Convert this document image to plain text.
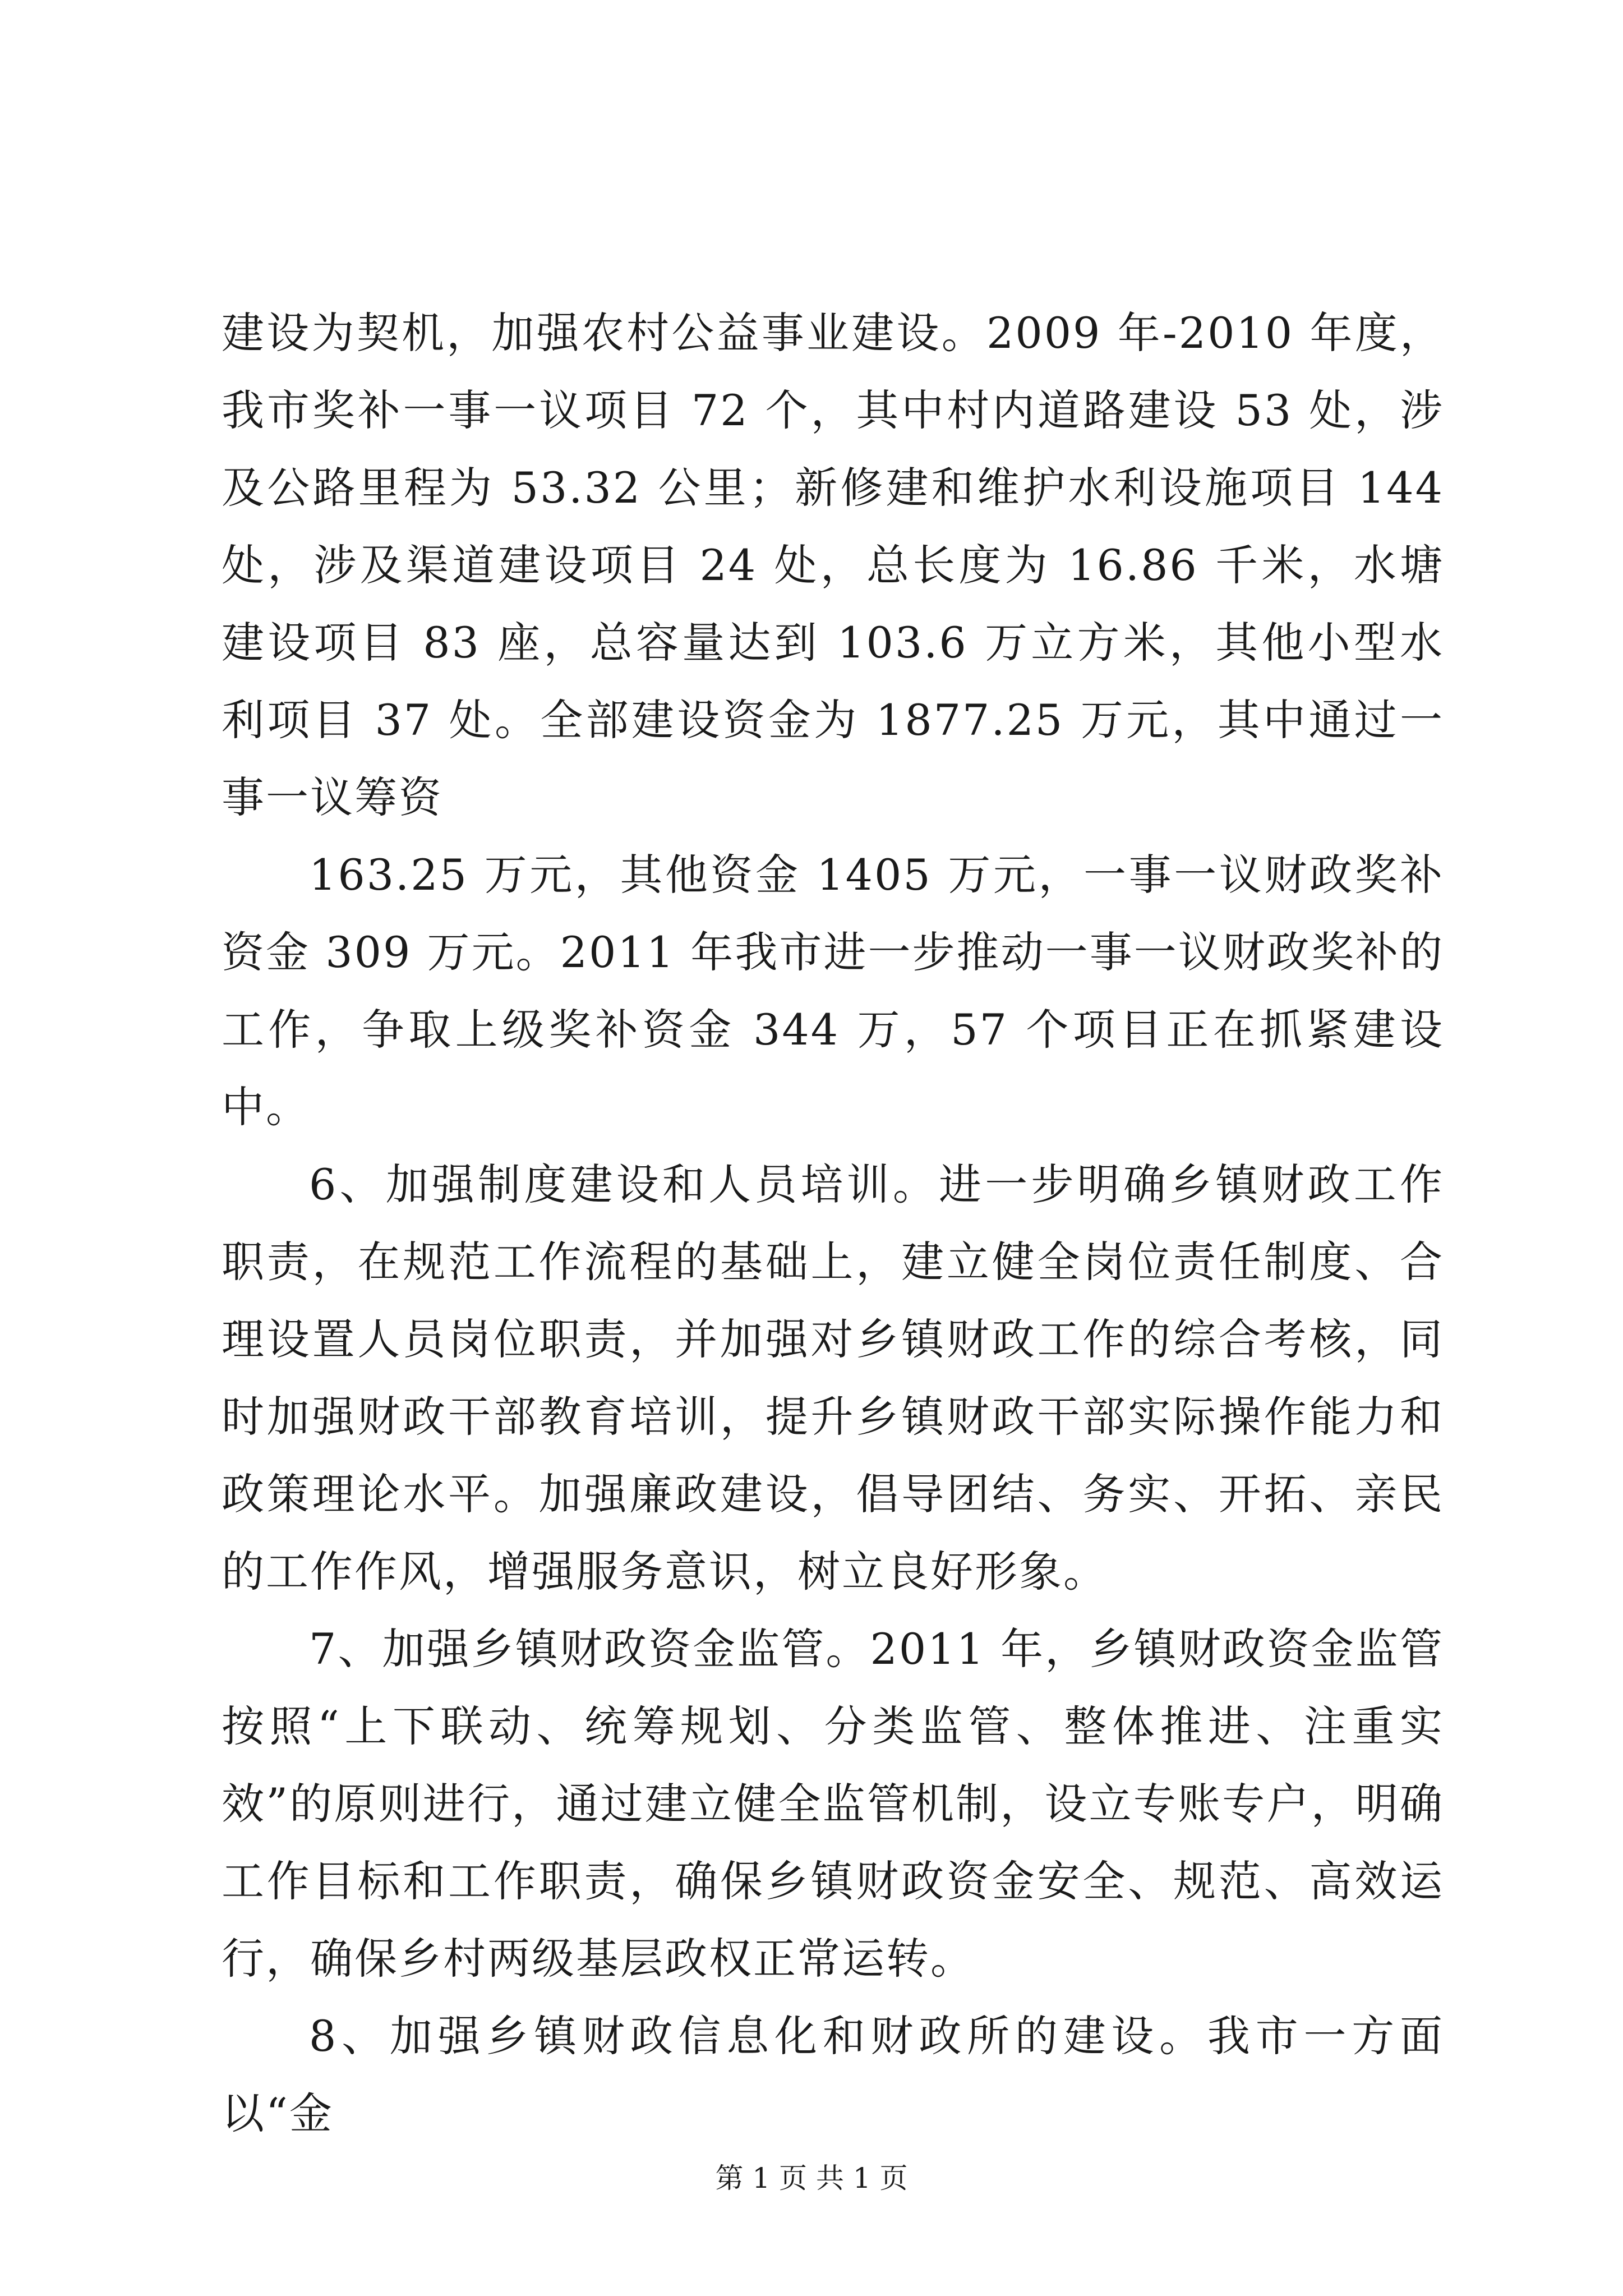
建设为契机，加强农村公益事业建设。2009 年-2010 年度，我市奖补一事一议项目 72 个，其中村内道路建设 53 处，涉及公路里程为 53.32 公里；新修建和维护水利设施项目 144 处，涉及渠道建设项目 24 处，总长度为 16.86 千米，水塘建设项目 83 座，总容量达到 103.6 万立方米，其他小型水利项目 37 处。全部建设资金为 1877.25 万元，其中通过一事一议筹资

163.25 万元，其他资金 1405 万元，一事一议财政奖补资金 309 万元。2011 年我市进一步推动一事一议财政奖补的工作，争取上级奖补资金 344 万，57 个项目正在抓紧建设中。

6、加强制度建设和人员培训。进一步明确乡镇财政工作职责，在规范工作流程的基础上，建立健全岗位责任制度、合理设置人员岗位职责，并加强对乡镇财政工作的综合考核，同时加强财政干部教育培训，提升乡镇财政干部实际操作能力和政策理论水平。加强廉政建设，倡导团结、务实、开拓、亲民的工作作风，增强服务意识，树立良好形象。

7、加强乡镇财政资金监管。2011 年，乡镇财政资金监管按照“上下联动、统筹规划、分类监管、整体推进、注重实效”的原则进行，通过建立健全监管机制，设立专账专户，明确工作目标和工作职责，确保乡镇财政资金安全、规范、高效运行，确保乡村两级基层政权正常运转。

8、加强乡镇财政信息化和财政所的建设。我市一方面以“金

第 1 页 共 1 页
